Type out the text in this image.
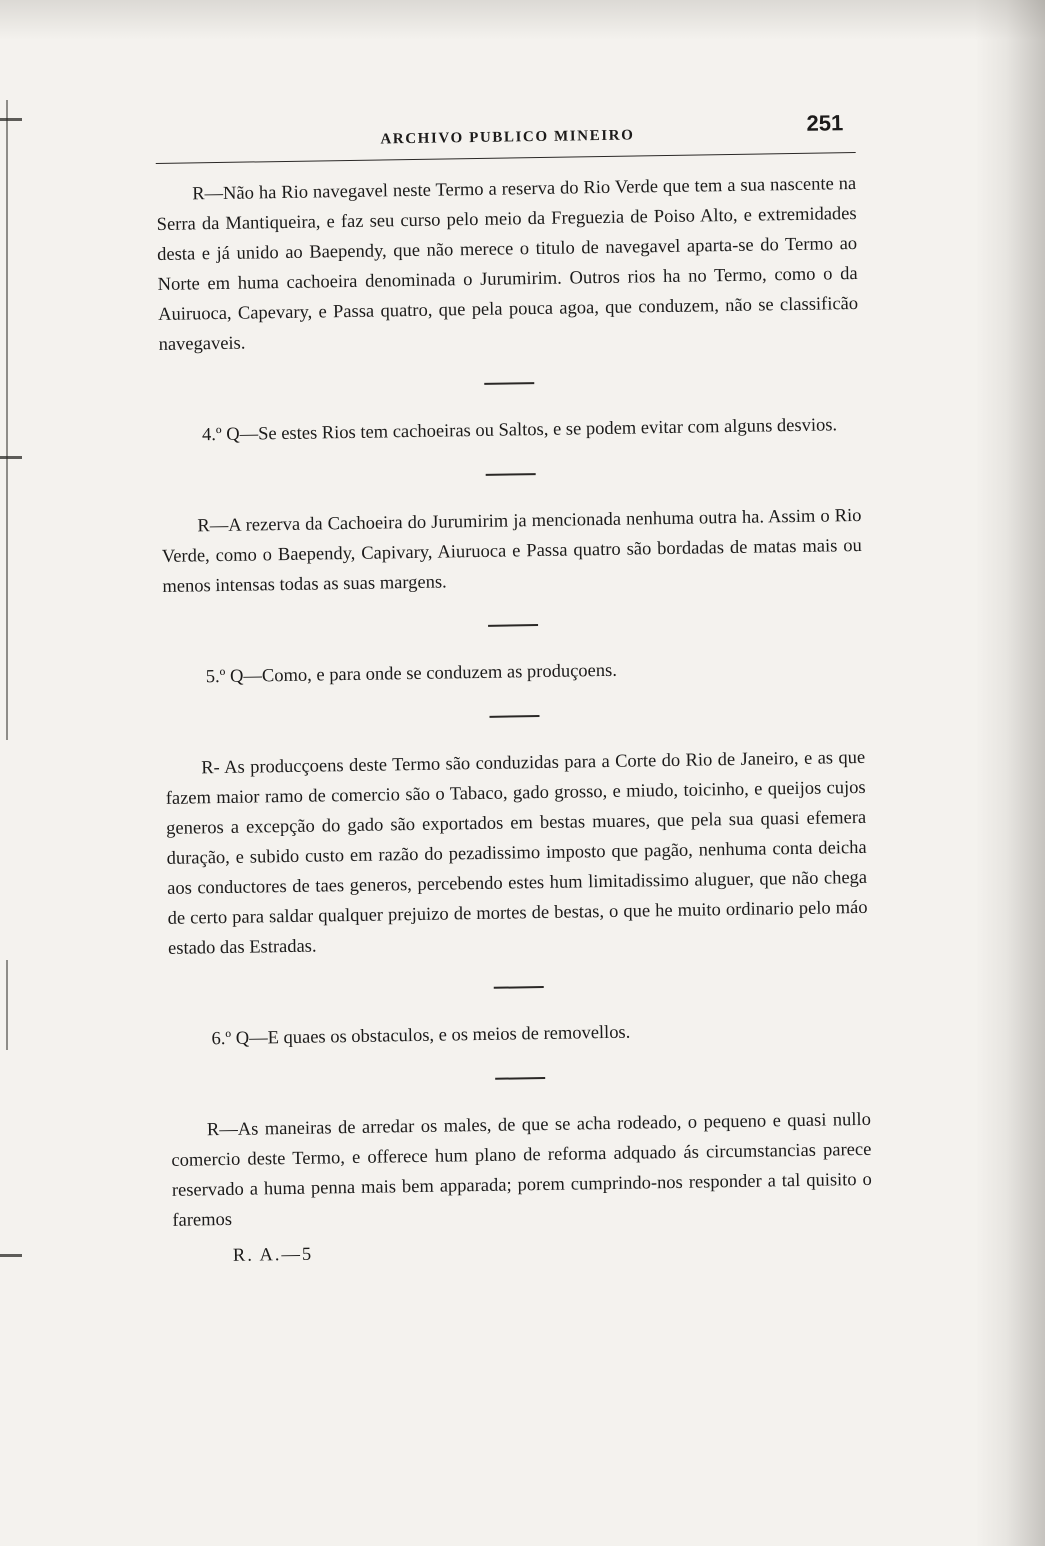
ARCHIVO PUBLICO MINEIRO
251

R—Não ha Rio navegavel neste Termo a reserva do Rio Verde que tem a sua nascente na Serra da Mantiqueira, e faz seu curso pelo meio da Freguezia de Poiso Alto, e extremidades desta e já unido ao Baependy, que não merece o titulo de navegavel aparta-se do Termo ao Norte em huma cachoeira denominada o Jurumirim. Outros rios ha no Termo, como o da Auiruoca, Capevary, e Passa quatro, que pela pouca agoa, que conduzem, não se classificão navegaveis.

4.º Q—Se estes Rios tem cachoeiras ou Saltos, e se podem evitar com alguns desvios.

R—A rezerva da Cachoeira do Jurumirim ja mencionada nenhuma outra ha. Assim o Rio Verde, como o Baependy, Capivary, Aiuruoca e Passa quatro são bordadas de matas mais ou menos intensas todas as suas margens.

5.º Q—Como, e para onde se conduzem as produçoens.

R- As producçoens deste Termo são conduzidas para a Corte do Rio de Janeiro, e as que fazem maior ramo de comercio são o Tabaco, gado grosso, e miudo, toicinho, e queijos cujos generos a excepção do gado são exportados em bestas muares, que pela sua quasi efemera duração, e subido custo em razão do pezadissimo imposto que pagão, nenhuma conta deicha aos conductores de taes generos, percebendo estes hum limitadissimo aluguer, que não chega de certo para saldar qualquer prejuizo de mortes de bestas, o que he muito ordinario pelo máo estado das Estradas.

6.º Q—E quaes os obstaculos, e os meios de removellos.

R—As maneiras de arredar os males, de que se acha rodeado, o pequeno e quasi nullo comercio deste Termo, e offerece hum plano de reforma adquado ás circumstancias parece reservado a huma penna mais bem apparada; porem cumprindo-nos responder a tal quisito o faremos

R. A.—5
